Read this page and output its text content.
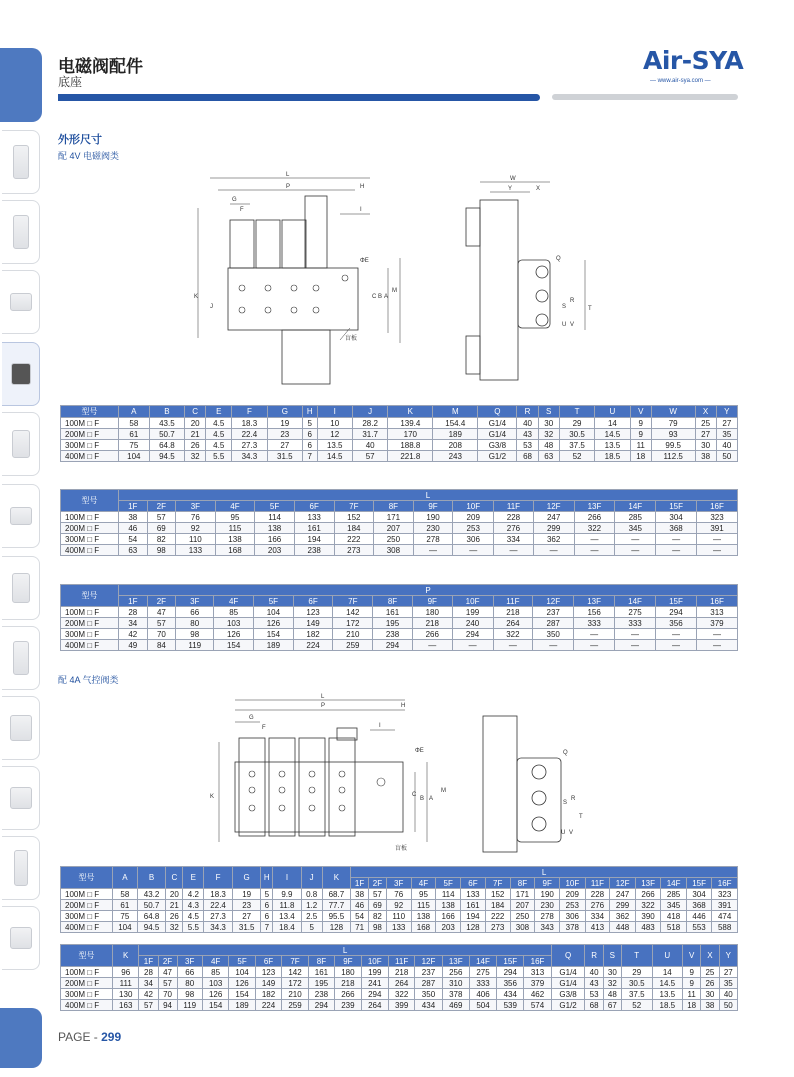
电磁阀配件
底座
Air-SYA
— www.air-sya.com —
外形尺寸
配 4V 电磁阀类
配 4A 气控阀类
L
P	H
G
F	I
ΦE
C B A
M
K
J
盲板
W
Y	X
Q
S
R
U V
T
型号	A	B	C	E	F	G	H	I	J	K	M	Q	R	S	T	U	V	W	X	Y
100M □ F	58	43.5	20	4.5	18.3	19	5	10	28.2	139.4	154.4	G1/4	40	30	29	14	9	79	25	27
200M □ F	61	50.7	21	4.5	22.4	23	6	12	31.7	170	189	G1/4	43	32	30.5	14.5	9	93	27	35
300M □ F	75	64.8	26	4.5	27.3	27	6	13.5	40	188.8	208	G3/8	53	48	37.5	13.5	11	99.5	30	40
400M □ F	104	94.5	32	5.5	34.3	31.5	7	14.5	57	221.8	243	G1/2	68	63	52	18.5	18	112.5	38	50
型号	L															
	1F	2F	3F	4F	5F	6F	7F	8F	9F	10F	11F	12F	13F	14F	15F	16F
100M □ F	38	57	76	95	114	133	152	171	190	209	228	247	266	285	304	323
200M □ F	46	69	92	115	138	161	184	207	230	253	276	299	322	345	368	391
300M □ F	54	82	110	138	166	194	222	250	278	306	334	362	—	—	—	—
400M □ F	63	98	133	168	203	238	273	308	—	—	—	—	—	—	—	—
型号	P															
	1F	2F	3F	4F	5F	6F	7F	8F	9F	10F	11F	12F	13F	14F	15F	16F
100M □ F	28	47	66	85	104	123	142	161	180	199	218	237	156	275	294	313
200M □ F	34	57	80	103	126	149	172	195	218	240	264	287	333	333	356	379
300M □ F	42	70	98	126	154	182	210	238	266	294	322	350	—	—	—	—
400M □ F	49	84	119	154	189	224	259	294	—	—	—	—	—	—	—	—
L
P	H
G
F	I
ΦE
C
B A
M
K
盲板
Q
S
R
U V
T
型号	A	B	C	E	F	G	H	I	J	K	L															
											1F	2F	3F	4F	5F	6F	7F	8F	9F	10F	11F	12F	13F	14F	15F	16F
100M □ F	58	43.2	20	4.2	18.3	19	5	9.9	0.8	68.7	38	57	76	95	114	133	152	171	190	209	228	247	266	285	304	323
200M □ F	61	50.7	21	4.3	22.4	23	6	11.8	1.2	77.7	46	69	92	115	138	161	184	207	230	253	276	299	322	345	368	391
300M □ F	75	64.8	26	4.5	27.3	27	6	13.4	2.5	95.5	54	82	110	138	166	194	222	250	278	306	334	362	390	418	446	474
400M □ F	104	94.5	32	5.5	34.3	31.5	7	18.4	5	128	71	98	133	168	203	128	273	308	343	378	413	448	483	518	553	588
型号	K	L																Q	R	S	T	U	V	X	Y
		1F	2F	3F	4F	5F	6F	7F	8F	9F	10F	11F	12F	13F	14F	15F	16F								
100M □ F	96	28	47	66	85	104	123	142	161	180	199	218	237	256	275	294	313	G1/4	40	30	29	14	9	25	27
200M □ F	111	34	57	80	103	126	149	172	195	218	241	264	287	310	333	356	379	G1/4	43	32	30.5	14.5	9	26	35
300M □ F	130	42	70	98	126	154	182	210	238	266	294	322	350	378	406	434	462	G3/8	53	48	37.5	13.5	11	30	40
400M □ F	163	57	94	119	154	189	224	259	294	239	264	399	434	469	504	539	574	G1/2	68	67	52	18.5	18	38	50
PAGE - 299
